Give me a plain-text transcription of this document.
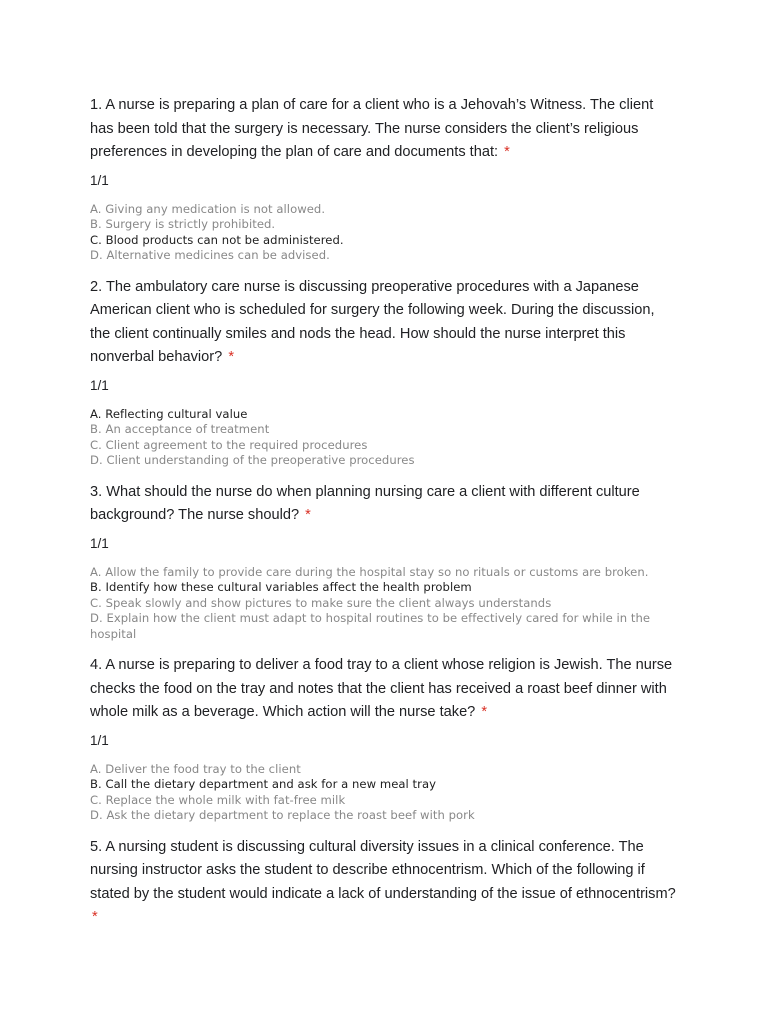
1. A nurse is preparing a plan of care for a client who is a Jehovah’s Witness. The client has been told that the surgery is necessary. The nurse considers the client’s religious preferences in developing the plan of care and documents that: *

1/1
A. Giving any medication is not allowed.
B. Surgery is strictly prohibited.
C. Blood products can not be administered.
D. Alternative medicines can be advised.

2. The ambulatory care nurse is discussing preoperative procedures with a Japanese American client who is scheduled for surgery the following week. During the discussion, the client continually smiles and nods the head. How should the nurse interpret this nonverbal behavior? *

1/1
A. Reflecting cultural value
B. An acceptance of treatment
C. Client agreement to the required procedures
D. Client understanding of the preoperative procedures

3. What should the nurse do when planning nursing care a client with different culture background? The nurse should? *

1/1
A. Allow the family to provide care during the hospital stay so no rituals or customs are broken.
B. Identify how these cultural variables affect the health problem
C. Speak slowly and show pictures to make sure the client always understands
D. Explain how the client must adapt to hospital routines to be effectively cared for while in the hospital

4. A nurse is preparing to deliver a food tray to a client whose religion is Jewish. The nurse checks the food on the tray and notes that the client has received a roast beef dinner with whole milk as a beverage. Which action will the nurse take? *

1/1
A. Deliver the food tray to the client
B. Call the dietary department and ask for a new meal tray
C. Replace the whole milk with fat-free milk
D. Ask the dietary department to replace the roast beef with pork

5. A nursing student is discussing cultural diversity issues in a clinical conference. The nursing instructor asks the student to describe ethnocentrism. Which of the following if stated by the student would indicate a lack of understanding of the issue of ethnocentrism? *
